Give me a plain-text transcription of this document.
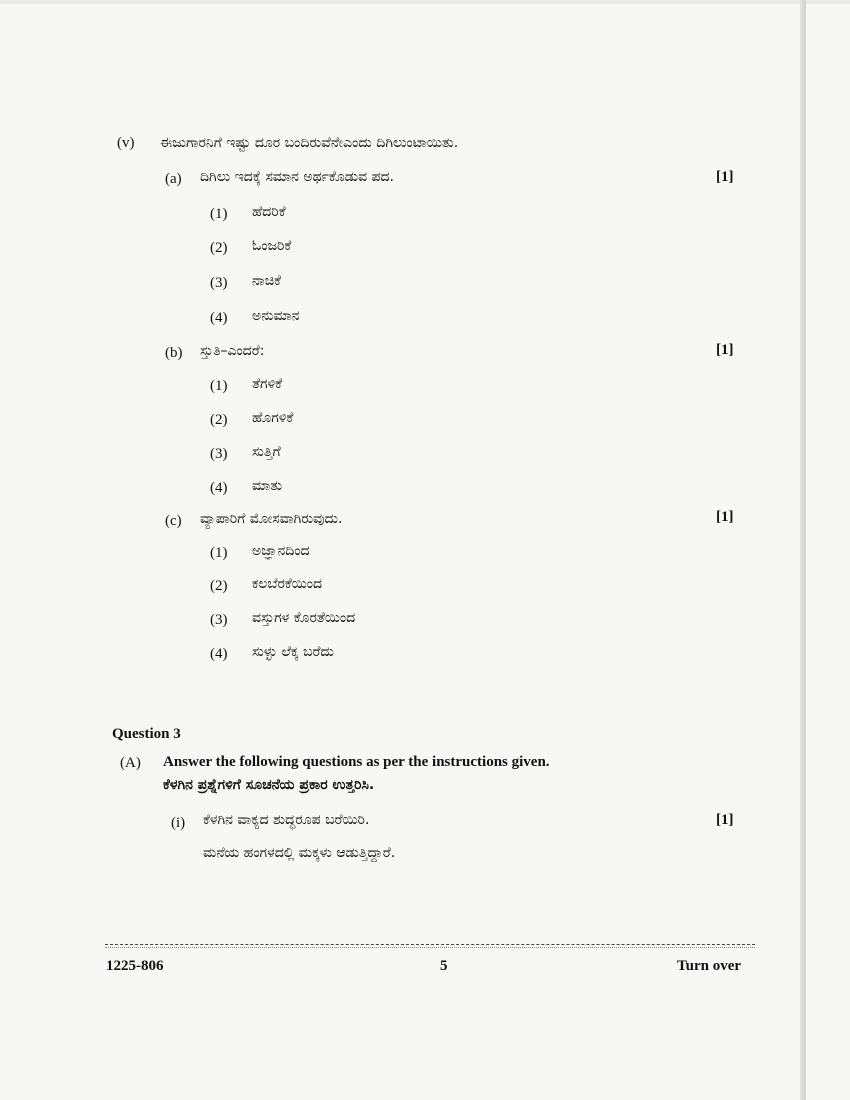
(v) ಈಜುಗಾರನಿಗೆ ಇಷ್ಟು ದೂರ ಬಂದಿರುವೆನೇಎಂದು ದಿಗಿಲುಂಟಾಯಿತು.
(a) ದಿಗಿಲು ಇದಕ್ಕೆ ಸಮಾನ ಅರ್ಥಕೊಡುವ ಪದ.	[1]
(1) ಹೆದರಿಕೆ
(2) ಓಂಜರಿಕೆ
(3) ನಾಚಿಕೆ
(4) ಅನುಮಾನ
(b) ಸ್ತುತಿ–ಎಂದರೆ:	[1]
(1) ತೆಗಳಿಕೆ
(2) ಹೊಗಳಿಕೆ
(3) ಸುತ್ತಿಗೆ
(4) ಮಾತು
(c) ವ್ಯಾಪಾರಿಗೆ ಮೋಸವಾಗಿರುವುದು.	[1]
(1) ಅಜ್ಞಾನದಿಂದ
(2) ಕಲಬೆರಕೆಯಿಂದ
(3) ವಸ್ತುಗಳ ಕೊರತೆಯಿಂದ
(4) ಸುಳ್ಳು ಲೆಕ್ಕ ಬರೆದು
Question 3
(A) Answer the following questions as per the instructions given.
ಕೆಳಗಿನ ಪ್ರಶ್ನೆಗಳಿಗೆ ಸೂಚನೆಯ ಪ್ರಕಾರ ಉತ್ತರಿಸಿ.
(i) ಕೆಳಗಿನ ವಾಕ್ಯದ ಶುದ್ಧರೂಪ ಬರೆಯಿರಿ.	[1]
ಮನೆಯ ಹಂಗಳದಲ್ಲಿ ಮಕ್ಕಳು ಆಡುತ್ತಿದ್ದಾರೆ.
1225-806	5	Turn over
